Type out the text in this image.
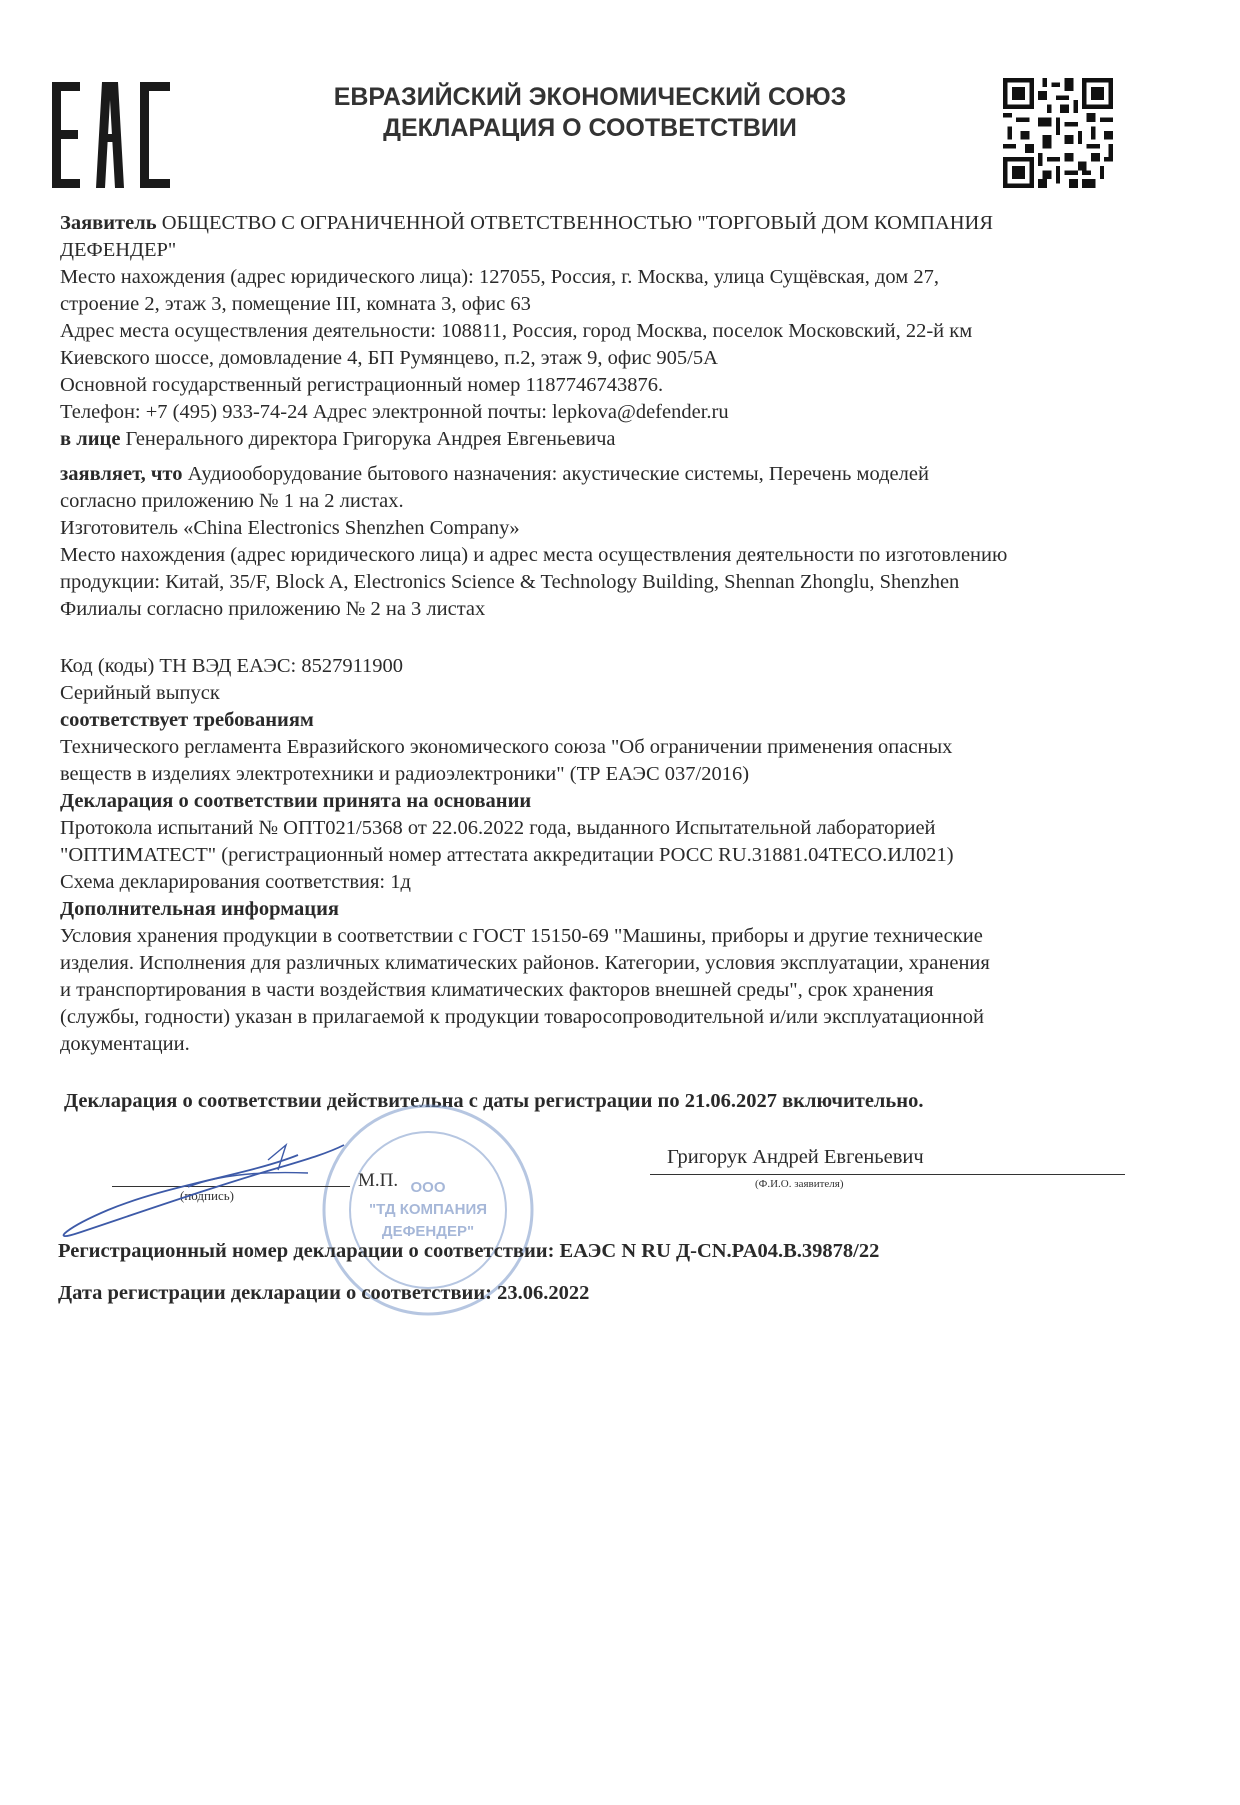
ЕВРАЗИЙСКИЙ ЭКОНОМИЧЕСКИЙ СОЮЗ
ДЕКЛАРАЦИЯ О СООТВЕТСТВИИ
Заявитель ОБЩЕСТВО С ОГРАНИЧЕННОЙ ОТВЕТСТВЕННОСТЬЮ "ТОРГОВЫЙ ДОМ КОМПАНИЯ
ДЕФЕНДЕР"
Место нахождения (адрес юридического лица): 127055, Россия, г. Москва, улица Сущёвская, дом 27,
строение 2, этаж 3, помещение III, комната 3, офис 63
Адрес места осуществления деятельности: 108811, Россия, город Москва, поселок Московский, 22-й км
Киевского шоссе, домовладение 4, БП Румянцево, п.2, этаж 9, офис 905/5А
Основной государственный регистрационный номер 1187746743876.
Телефон: +7 (495) 933-74-24 Адрес электронной почты: lepkova@defender.ru
в лице Генерального директора Григорука Андрея Евгеньевича
заявляет, что Аудиооборудование бытового назначения: акустические системы, Перечень моделей
согласно приложению № 1 на 2 листах.
Изготовитель «China Electronics Shenzhen Company»
Место нахождения (адрес юридического лица) и адрес места осуществления деятельности по изготовлению
продукции: Китай, 35/F, Block A, Electronics Science & Technology Building, Shennan Zhonglu, Shenzhen
Филиалы согласно приложению № 2 на 3 листах
Код (коды) ТН ВЭД ЕАЭС: 8527911900
Серийный выпуск
соответствует требованиям
Технического регламента Евразийского экономического союза "Об ограничении применения опасных
веществ в изделиях электротехники и радиоэлектроники" (ТР ЕАЭС 037/2016)
Декларация о соответствии принята на основании
Протокола испытаний № ОПТ021/5368 от 22.06.2022 года, выданного Испытательной лабораторией
"ОПТИМАТЕСТ" (регистрационный номер аттестата аккредитации РОСС RU.31881.04ТЕСО.ИЛ021)
Схема декларирования соответствия: 1д
Дополнительная информация
Условия хранения продукции в соответствии с ГОСТ 15150-69 "Машины, приборы и другие технические
изделия. Исполнения для различных климатических районов. Категории, условия эксплуатации, хранения
и транспортирования в части воздействия климатических факторов внешней среды", срок хранения
(службы, годности) указан в прилагаемой к продукции товаросопроводительной и/или эксплуатационной
документации.
Декларация о соответствии действительна с даты регистрации по 21.06.2027 включительно.
ООО
"ТД КОМПАНИЯ
ДЕФЕНДЕР"
(подпись)
М.П.
Григорук Андрей Евгеньевич
(Ф.И.О. заявителя)
Регистрационный номер декларации о соответствии: ЕАЭС N RU Д-CN.PA04.B.39878/22
Дата регистрации декларации о соответствии: 23.06.2022
